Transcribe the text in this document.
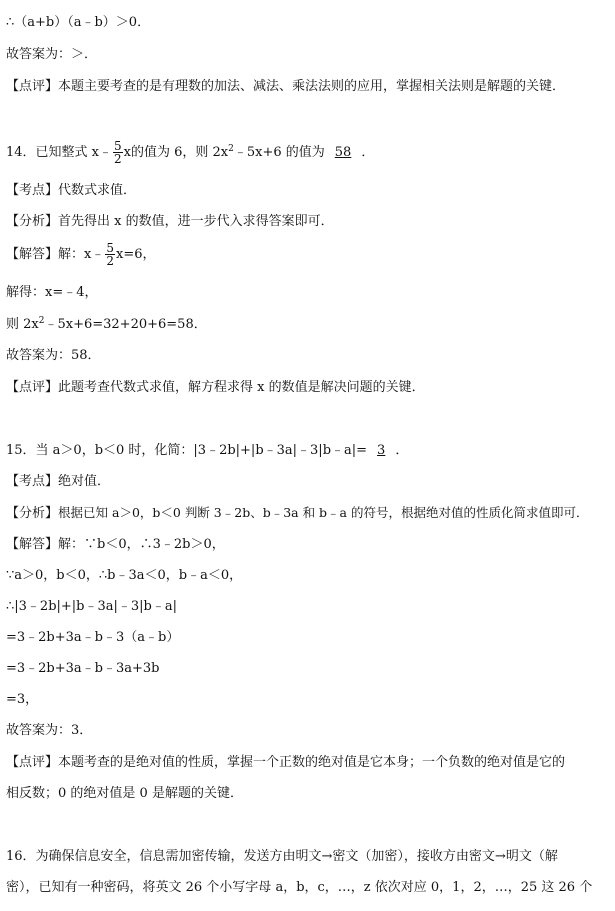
∴（a+b）（a﹣b）＞0．
故答案为：＞．
【点评】本题主要考查的是有理数的加法、减法、乘法法则的应用，掌握相关法则是解题的关键．
14．已知整式 x﹣ $\frac{5}{2}$ x的值为 6，则 $2x^2﹣5x+6$ 的值为 58 ．
【考点】代数式求值．
【分析】首先得出 x 的数值，进一步代入求得答案即可．
【解答】解：x﹣ $\frac{5}{2} x=6$，
解得：x=﹣4，
则 $2x^2﹣5x+6=32+20+6=58$．
故答案为：58．
【点评】此题考查代数式求值，解方程求得 x 的数值是解决问题的关键．
15．当 a＞0，b＜0 时，化简：|3﹣2b|+|b﹣3a|﹣3|b﹣a|= 3 ．
【考点】绝对值．
【分析】根据已知 a＞0，b＜0 判断 3﹣2b、b﹣3a 和 b﹣a 的符号，根据绝对值的性质化简求值即可．
【解答】解：∵b＜0，∴3﹣2b＞0，
∵a＞0，b＜0，∴b﹣3a＜0，b﹣a＜0，
∴|3﹣2b|+|b﹣3a|﹣3|b﹣a|
=3﹣2b+3a﹣b﹣3（a﹣b）
=3﹣2b+3a﹣b﹣3a+3b
=3，
故答案为：3．
【点评】本题考查的是绝对值的性质，掌握一个正数的绝对值是它本身；一个负数的绝对值是它的
相反数；0 的绝对值是 0 是解题的关键．
16．为确保信息安全，信息需加密传输，发送方由明文→密文（加密），接收方由密文→明文（解
密），已知有一种密码，将英文 26 个小写字母 a，b，c，…，z 依次对应 0，1，2，…，25 这 26 个
